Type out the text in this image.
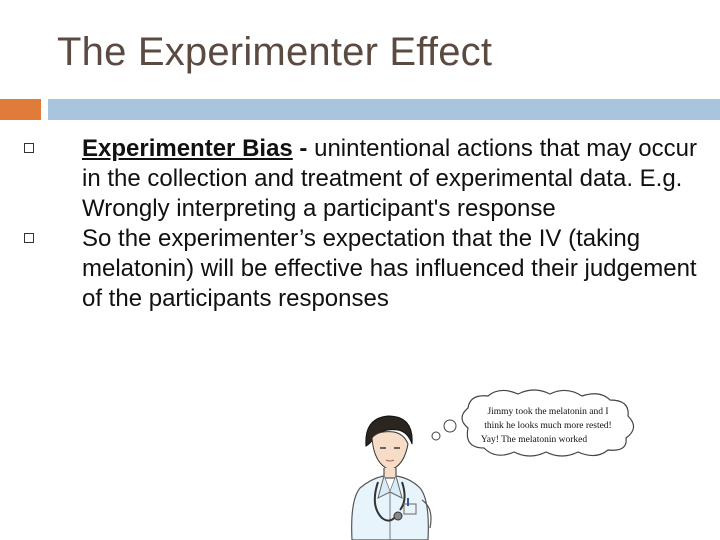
The Experimenter Effect
Experimenter Bias - unintentional actions that may occur in the collection and treatment of experimental data. E.g. Wrongly interpreting a participant's response
So the experimenter’s expectation that the IV (taking melatonin) will be effective has influenced their judgement of the participants responses
Jimmy took the melatonin and I
think he looks much more rested!
Yay! The melatonin worked
